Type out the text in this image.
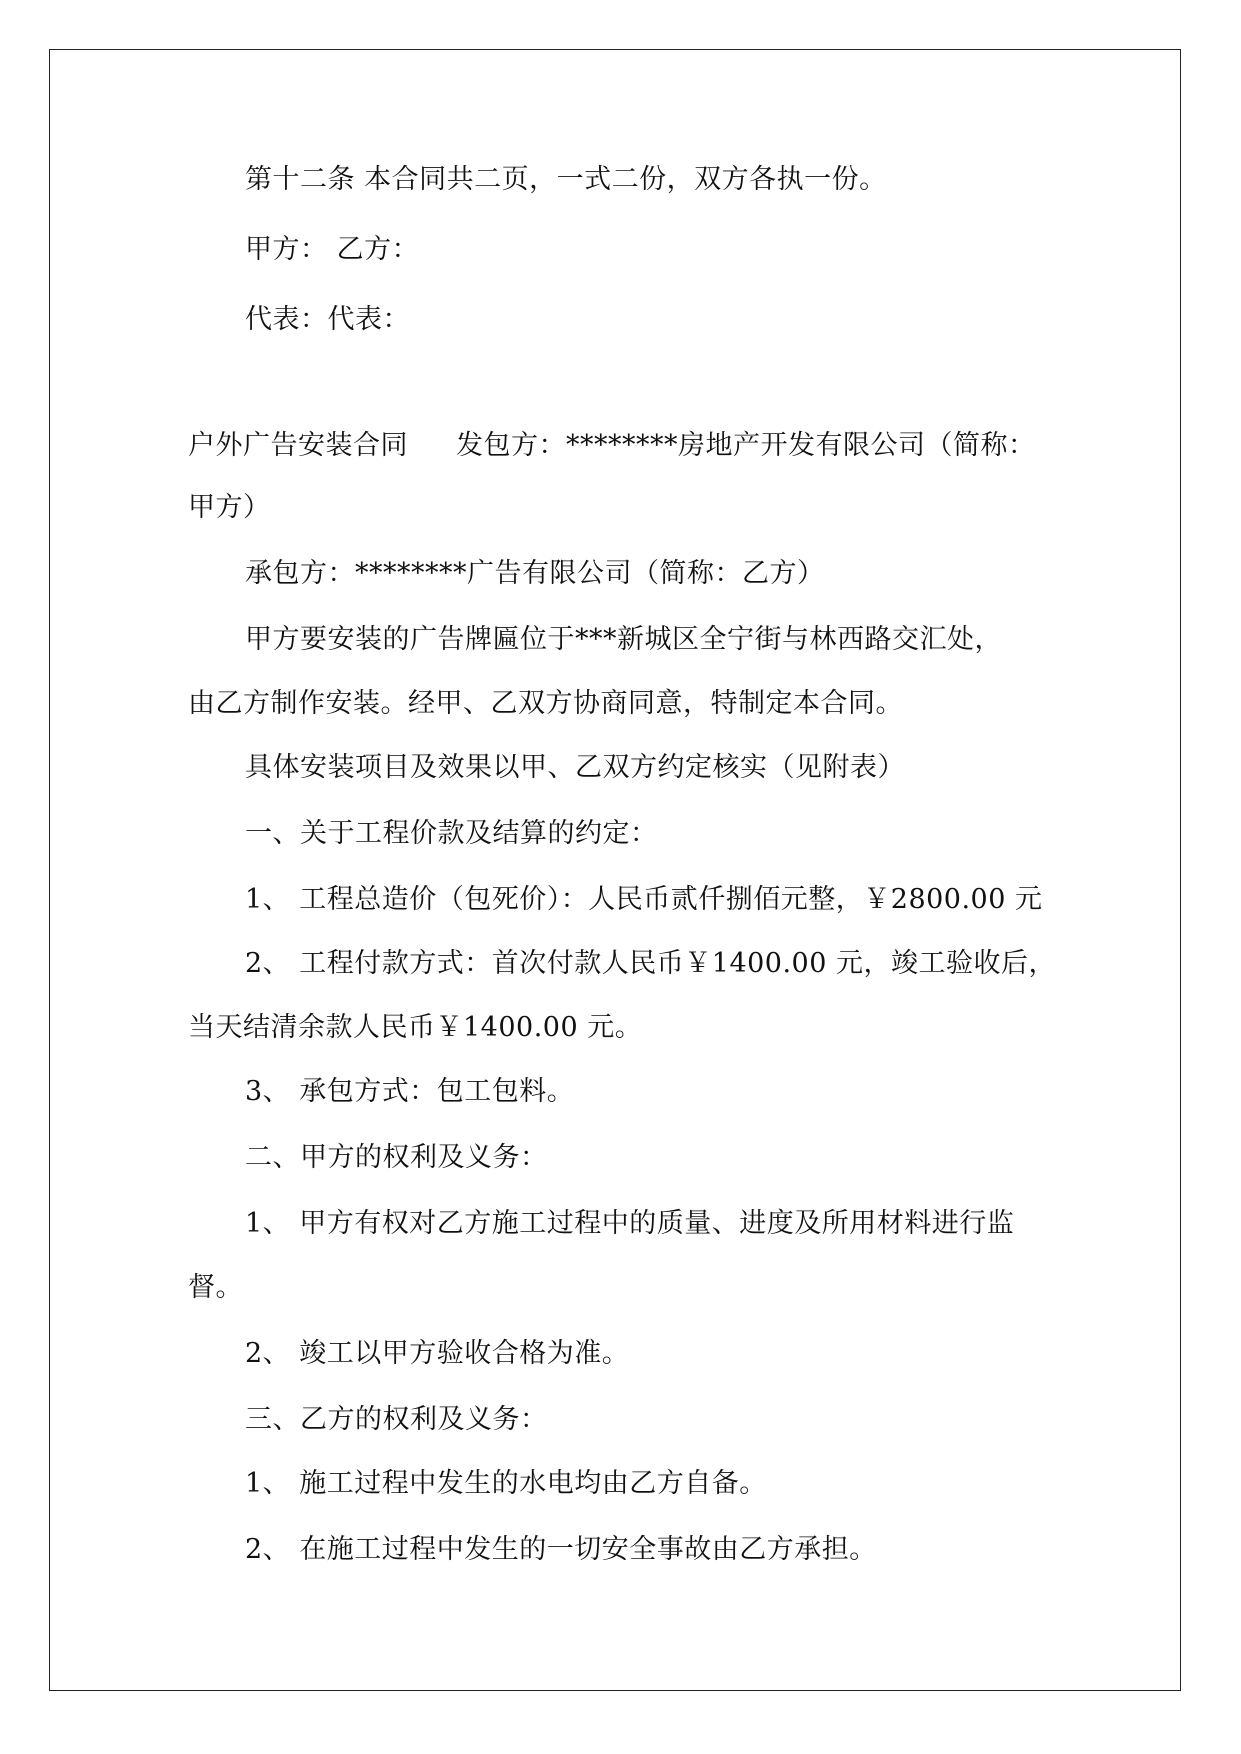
第十二条 本合同共二页，一式二份，双方各执一份。
甲方： 乙方：
代表：代表：
户外广告安装合同 发包方：********房地产开发有限公司（简称：
甲方）
承包方：********广告有限公司（简称：乙方）
甲方要安装的广告牌匾位于***新城区全宁街与林西路交汇处，
由乙方制作安装。经甲、乙双方协商同意，特制定本合同。
具体安装项目及效果以甲、乙双方约定核实（见附表）
一、关于工程价款及结算的约定：
1、 工程总造价（包死价）：人民币贰仟捌佰元整，￥2800.00 元
2、 工程付款方式：首次付款人民币￥1400.00 元，竣工验收后，
当天结清余款人民币￥1400.00 元。
3、 承包方式：包工包料。
二、甲方的权利及义务：
1、 甲方有权对乙方施工过程中的质量、进度及所用材料进行监
督。
2、 竣工以甲方验收合格为准。
三、乙方的权利及义务：
1、 施工过程中发生的水电均由乙方自备。
2、 在施工过程中发生的一切安全事故由乙方承担。
